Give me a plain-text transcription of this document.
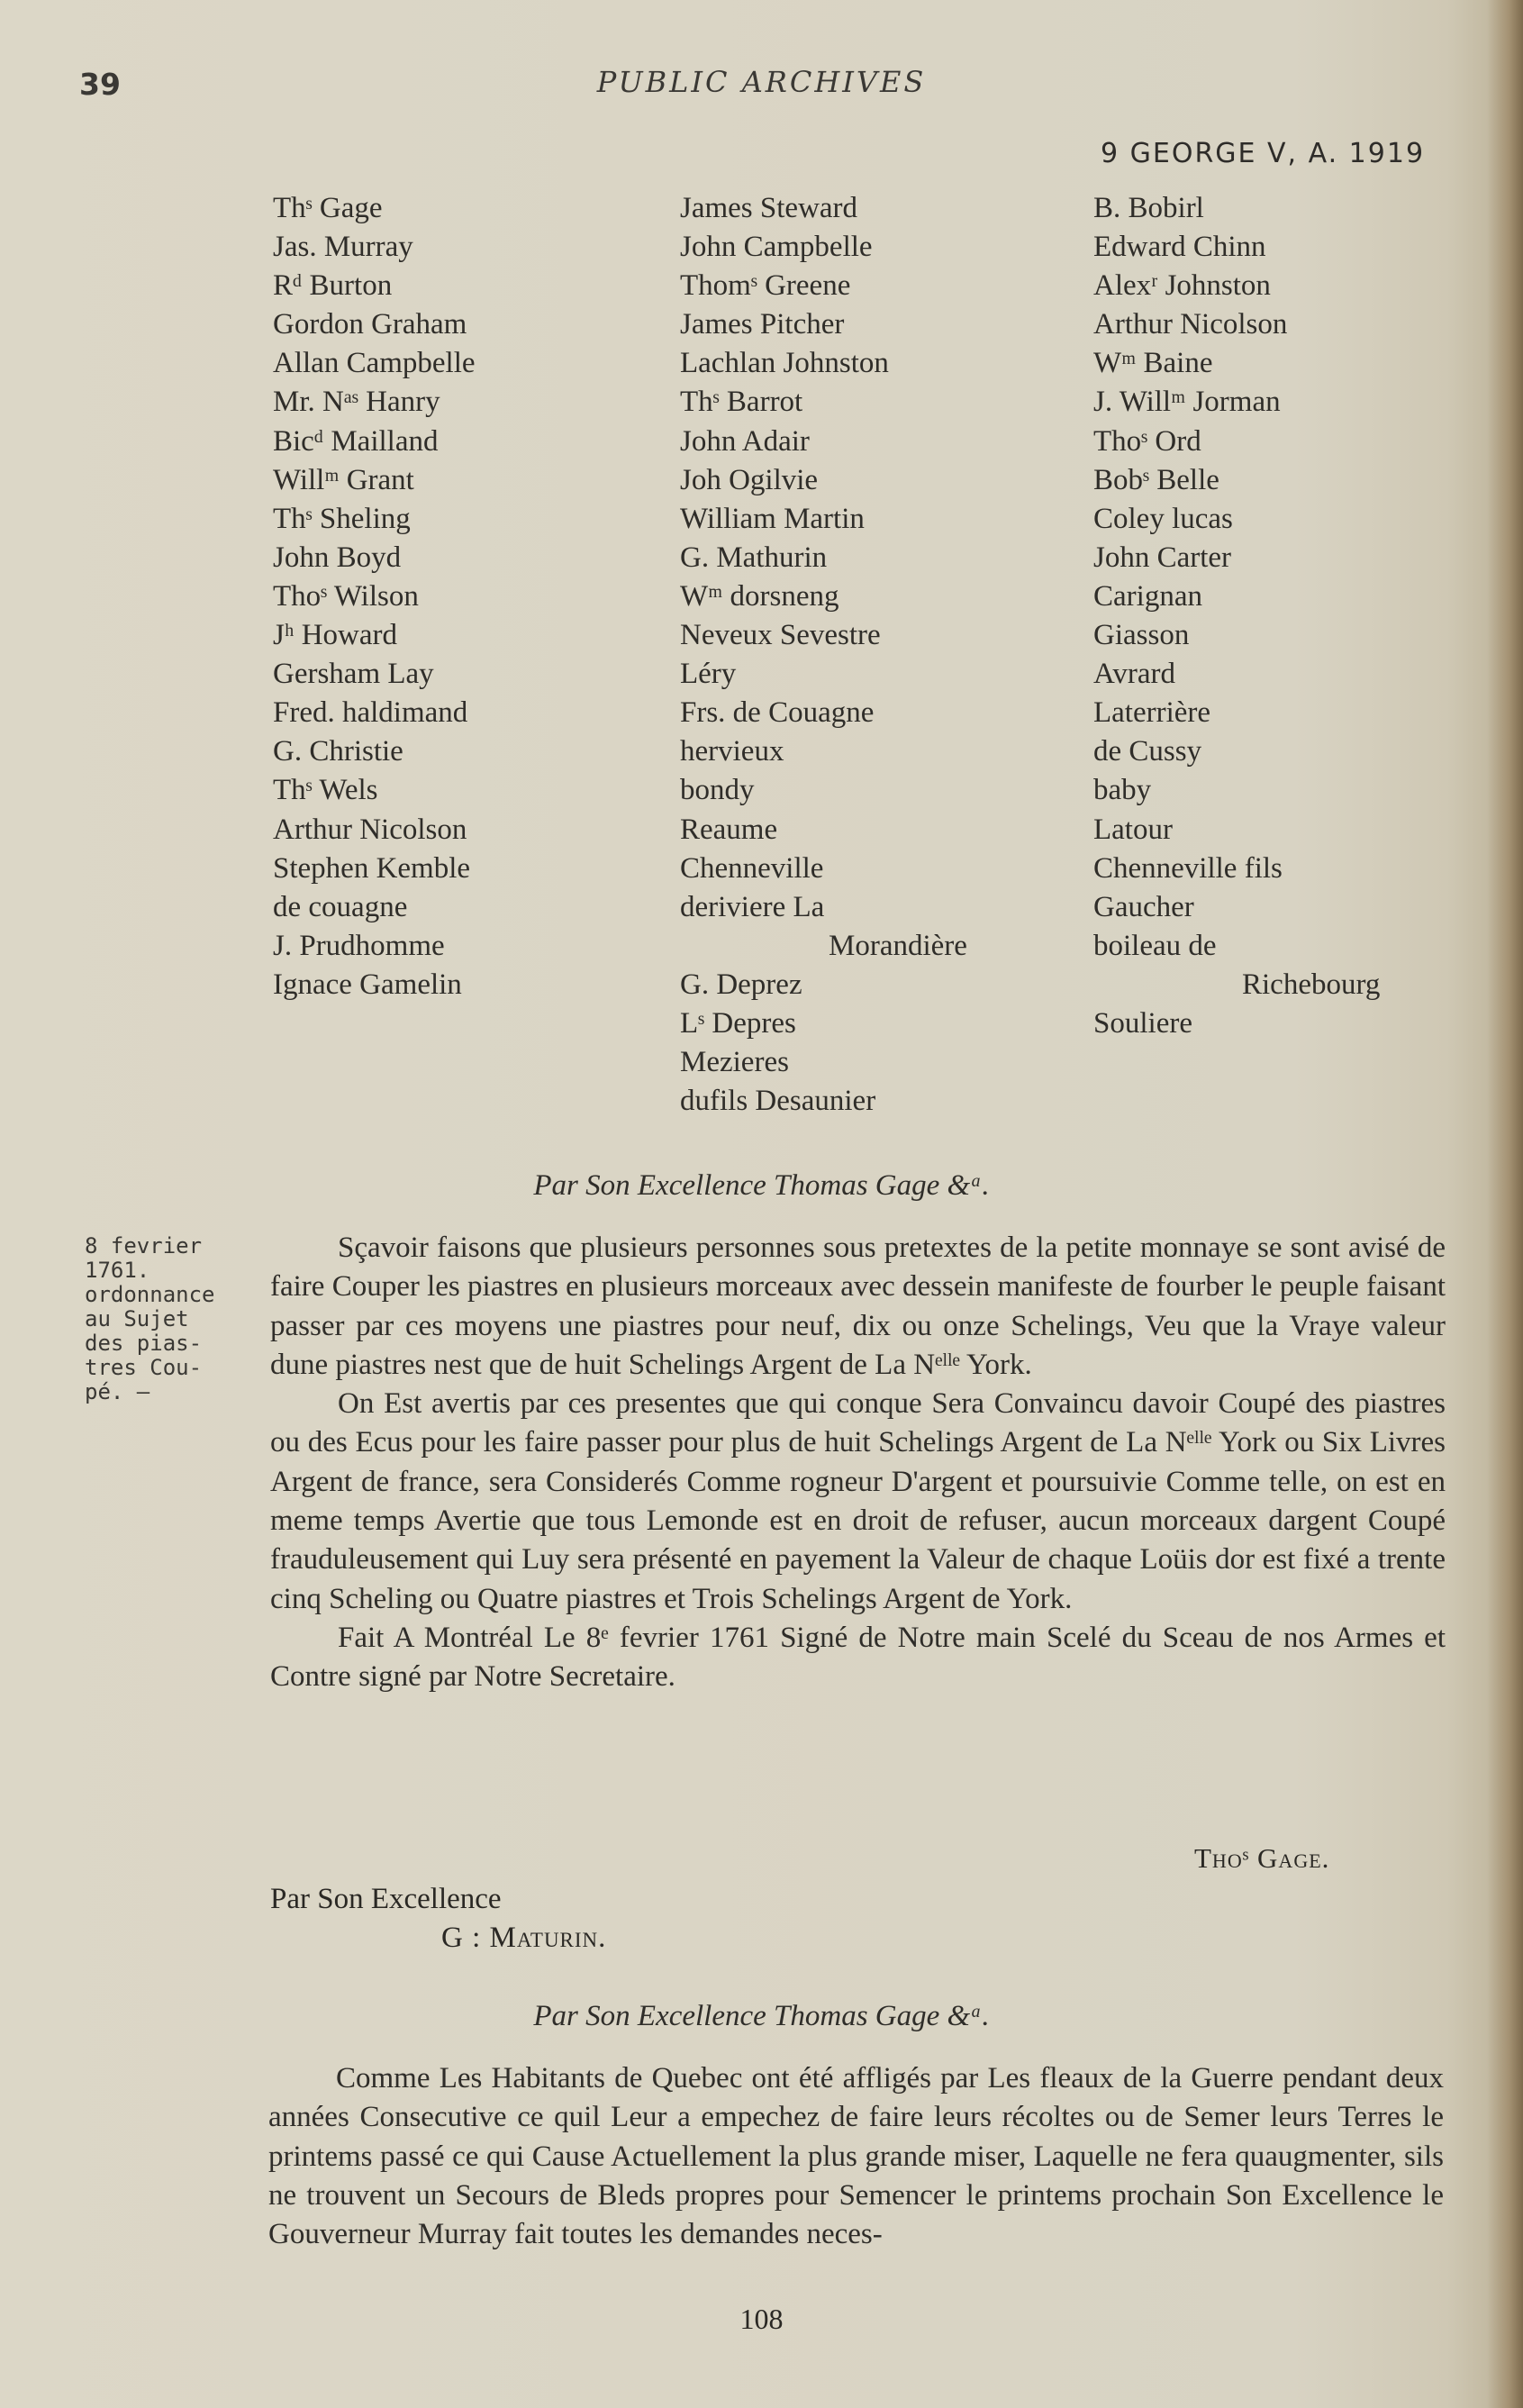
39	PUBLIC ARCHIVES
9 GEORGE V, A. 1919
Thˢ Gage
Jas. Murray
Rᵈ Burton
Gordon Graham
Allan Campbelle
Mr. Nᵃˢ Hanry
Bicᵈ Mailland
Willᵐ Grant
Thˢ Sheling
John Boyd
Thoˢ Wilson
Jʰ Howard
Gersham Lay
Fred. haldimand
G. Christie
Thˢ Wels
Arthur Nicolson
Stephen Kemble
de couagne
J. Prudhomme
Ignace Gamelin
James Steward
John Campbelle
Thomˢ Greene
James Pitcher
Lachlan Johnston
Thˢ Barrot
John Adair
Joh Ogilvie
William Martin
G. Mathurin
Wᵐ dorsneng
Neveux Sevestre
Léry
Frs. de Couagne
hervieux
bondy
Reaume
Chenneville
deriviere La
Morandière
G. Deprez
Lˢ Depres
Mezieres
dufils Desaunier
B. Bobirl
Edward Chinn
Alexʳ Johnston
Arthur Nicolson
Wᵐ Baine
J. Willᵐ Jorman
Thoˢ Ord
Bobˢ Belle
Coley lucas
John Carter
Carignan
Giasson
Avrard
Laterrière
de Cussy
baby
Latour
Chenneville fils
Gaucher
boileau de
Richebourg
Souliere
Par Son Excellence Thomas Gage &ᵃ.
8 fevrier
1761.
ordonnance
au Sujet
des pias-
tres Cou-
pé. –

Sçavoir faisons que plusieurs personnes sous pretextes de la petite monnaye se sont avisé de faire Couper les piastres en plusieurs morceaux avec dessein manifeste de fourber le peuple faisant passer par ces moyens une piastres pour neuf, dix ou onze Schelings, Veu que la Vraye valeur dune piastres nest que de huit Schelings Argent de La Nᵉˡˡᵉ York.

On Est avertis par ces presentes que qui conque Sera Convaincu davoir Coupé des piastres ou des Ecus pour les faire passer pour plus de huit Schelings Argent de La Nᵉˡˡᵉ York ou Six Livres Argent de france, sera Considerés Comme rogneur D'argent et poursuivie Comme telle, on est en meme temps Avertie que tous Lemonde est en droit de refuser, aucun morceaux dargent Coupé frauduleusement qui Luy sera présenté en payement la Valeur de chaque Loüis dor est fixé a trente cinq Scheling ou Quatre piastres et Trois Schelings Argent de York.

Fait A Montréal Le 8ᵉ fevrier 1761 Signé de Notre main Scelé du Sceau de nos Armes et Contre signé par Notre Secretaire.

Thoˢ Gage.
Par Son Excellence
G : Maturin.
Par Son Excellence Thomas Gage &ᵃ.

Comme Les Habitants de Quebec ont été affligés par Les fleaux de la Guerre pendant deux années Consecutive ce quil Leur a empechez de faire leurs récoltes ou de Semer leurs Terres le printems passé ce qui Cause Actuellement la plus grande miser, Laquelle ne fera quaugmenter, sils ne trouvent un Secours de Bleds propres pour Semencer le printems prochain Son Excellence le Gouverneur Murray fait toutes les demandes neces-

108
